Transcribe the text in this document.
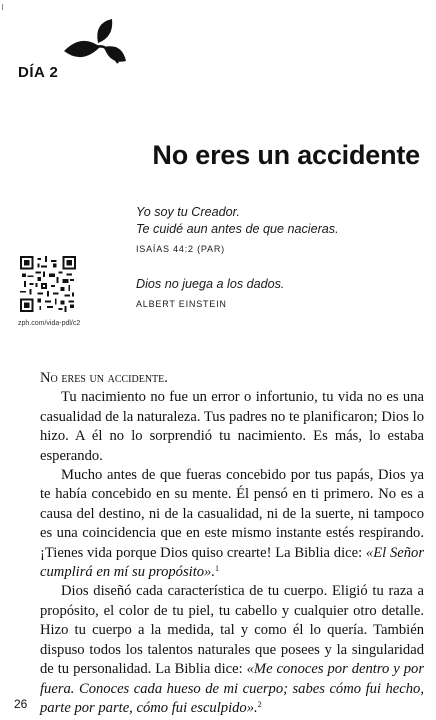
DÍA 2
No eres un accidente
Yo soy tu Creador.
Te cuidé aun antes de que nacieras.
ISAÍAS 44:2 (PAR)
zph.com/vida-pdl/c2
Dios no juega a los dados.
ALBERT EINSTEIN

No eres un accidente.

Tu nacimiento no fue un error o infortunio, tu vida no es una casualidad de la naturaleza. Tus padres no te planificaron; Dios lo hizo. A él no lo sorprendió tu nacimiento. Es más, lo estaba esperando.

Mucho antes de que fueras concebido por tus papás, Dios ya te había concebido en su mente. Él pensó en ti primero. No es a causa del destino, ni de la casualidad, ni de la suerte, ni tampoco es una coincidencia que en este mismo instante estés respirando. ¡Tienes vida porque Dios quiso crearte! La Biblia dice: «El Señor cumplirá en mí su propósito».$^1$

Dios diseñó cada característica de tu cuerpo. Eligió tu raza a propósito, el color de tu piel, tu cabello y cualquier otro detalle. Hizo tu cuerpo a la medida, tal y como él lo quería. También dispuso todos los talentos naturales que posees y la singularidad de tu personalidad. La Biblia dice: «Me conoces por dentro y por fuera. Conoces cada hueso de mi cuerpo; sabes cómo fui hecho, parte por parte, cómo fui esculpido».$^2$

26
